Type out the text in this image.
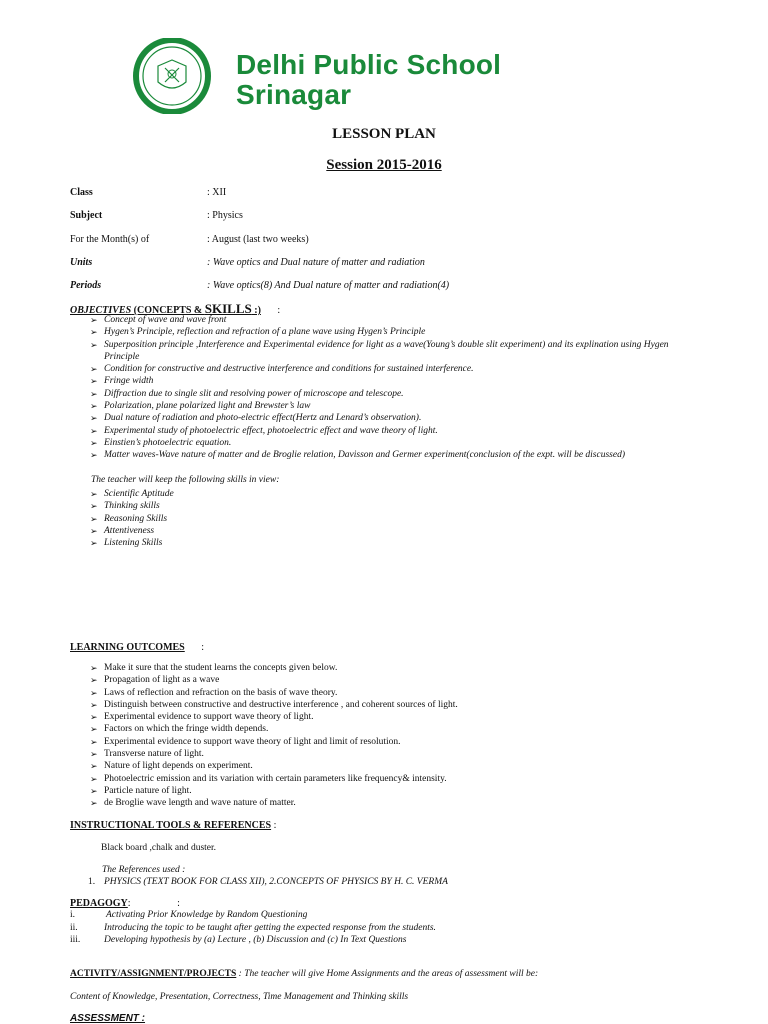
Delhi Public School
Srinagar
LESSON PLAN
Session 2015-2016
Class	: XII
Subject	: Physics
For the Month(s) of	: August (last two weeks)
Units	: Wave optics and Dual nature of matter and radiation
Periods	: Wave optics(8) And Dual nature of matter and radiation(4)
OBJECTIVES (CONCEPTS & SKILLS :) :
➢ Concept of wave and wave front
➢ Hygen’s Principle, reflection and refraction of a plane wave using Hygen’s Principle
➢ Superposition principle ,Interference and Experimental evidence for light as a wave(Young’s double slit experiment) and its explination using Hygen Principle
➢ Condition for constructive and destructive interference and conditions for sustained interference.
➢ Fringe width
➢ Diffraction due to single slit and resolving power of microscope and telescope.
➢ Polarization, plane polarized light and Brewster’s law
➢ Dual nature of radiation and photo-electric effect(Hertz and Lenard’s observation).
➢ Experimental study of photoelectric effect, photoelectric effect and wave theory of light.
➢ Einstien’s photoelectric equation.
➢ Matter waves-Wave nature of matter and de Broglie relation, Davisson and Germer experiment(conclusion of the expt. will be discussed)
The teacher will keep the following skills in view:
➢ Scientific Aptitude
➢ Thinking skills
➢ Reasoning Skills
➢ Attentiveness
➢ Listening Skills
LEARNING OUTCOMES :
➢ Make it sure that the student learns the concepts given below.
➢ Propagation of light as a wave
➢ Laws of reflection and refraction on the basis of wave theory.
➢ Distinguish between constructive and destructive interference , and coherent sources of light.
➢ Experimental evidence to support wave theory of light.
➢ Factors on which the fringe width depends.
➢ Experimental evidence to support wave theory of light and limit of resolution.
➢ Transverse nature of light.
➢ Nature of light depends on experiment.
➢ Photoelectric emission and its variation with certain parameters like frequency& intensity.
➢ Particle nature of light.
➢ de Broglie wave length and wave nature of matter.
INSTRUCTIONAL TOOLS & REFERENCES :
Black board ,chalk and duster.
The References used :
1. PHYSICS (TEXT BOOK FOR CLASS XII), 2.CONCEPTS OF PHYSICS BY H. C. VERMA
PEDAGOGY:	:
i.	Activating Prior Knowledge by Random Questioning
ii.	Introducing the topic to be taught after getting the expected response from the students.
iii. Developing hypothesis by (a) Lecture , (b) Discussion and (c) In Text Questions
ACTIVITY/ASSIGNMENT/PROJECTS : The teacher will give Home Assignments and the areas of assessment will be:
Content of Knowledge, Presentation, Correctness, Time Management and Thinking skills
ASSESSMENT :
